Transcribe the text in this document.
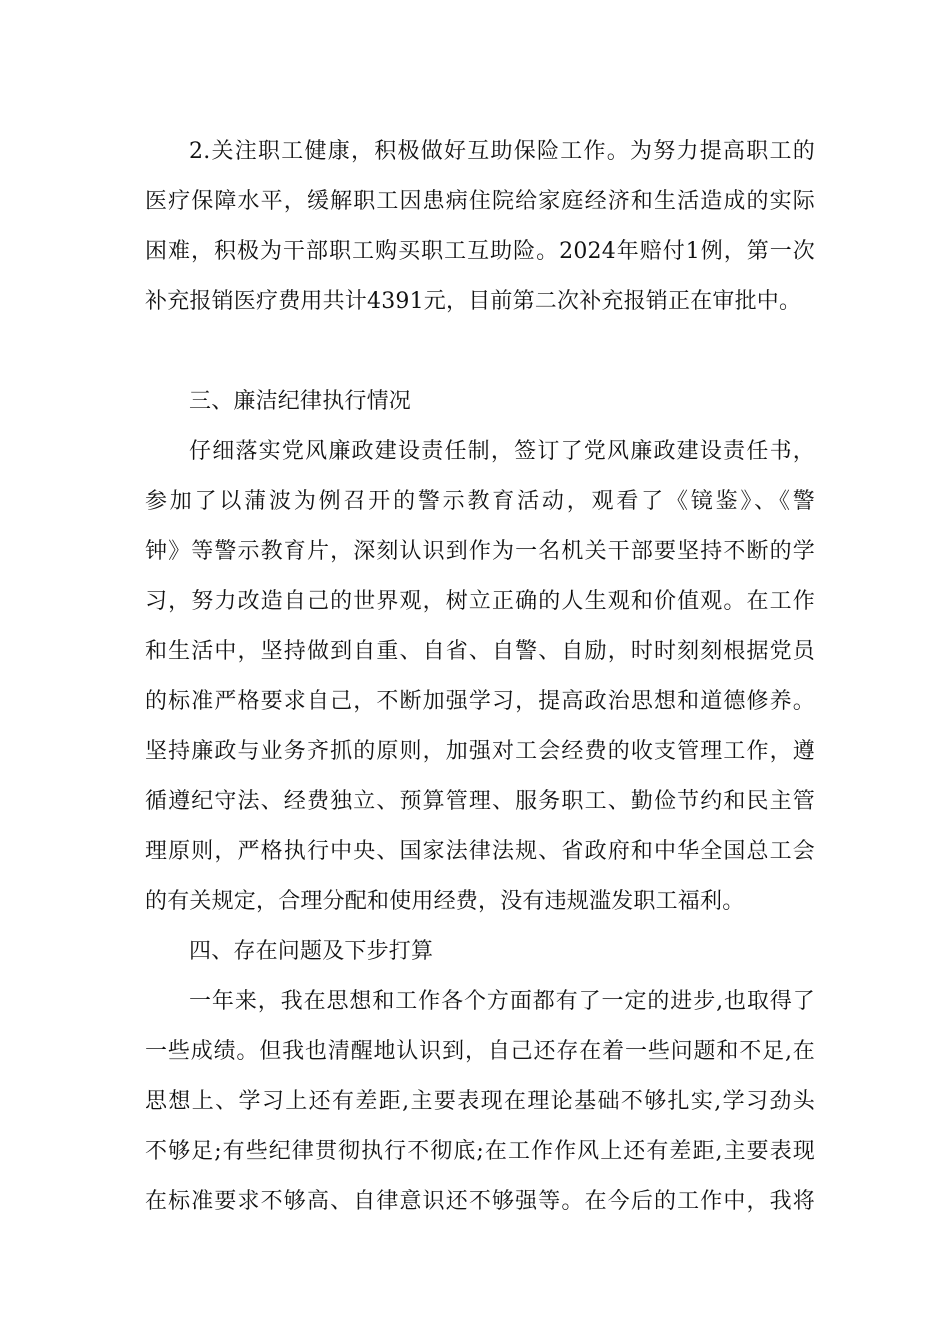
2.关注职工健康，积极做好互助保险工作。为努力提高职工的
医疗保障水平，缓解职工因患病住院给家庭经济和生活造成的实际
困难，积极为干部职工购买职工互助险。2024年赔付1例，第一次
补充报销医疗费用共计4391元，目前第二次补充报销正在审批中。
三、廉洁纪律执行情况
仔细落实党风廉政建设责任制，签订了党风廉政建设责任书，
参加了以蒲波为例召开的警示教育活动，观看了《镜鉴》、《警
钟》等警示教育片，深刻认识到作为一名机关干部要坚持不断的学
习，努力改造自己的世界观，树立正确的人生观和价值观。在工作
和生活中，坚持做到自重、自省、自警、自励，时时刻刻根据党员
的标准严格要求自己，不断加强学习，提高政治思想和道德修养。
坚持廉政与业务齐抓的原则，加强对工会经费的收支管理工作，遵
循遵纪守法、经费独立、预算管理、服务职工、勤俭节约和民主管
理原则，严格执行中央、国家法律法规、省政府和中华全国总工会
的有关规定，合理分配和使用经费，没有违规滥发职工福利。
四、存在问题及下步打算
一年来，我在思想和工作各个方面都有了一定的进步,也取得了
一些成绩。但我也清醒地认识到，自己还存在着一些问题和不足,在
思想上、学习上还有差距,主要表现在理论基础不够扎实,学习劲头
不够足;有些纪律贯彻执行不彻底;在工作作风上还有差距,主要表现
在标准要求不够高、自律意识还不够强等。在今后的工作中，我将
